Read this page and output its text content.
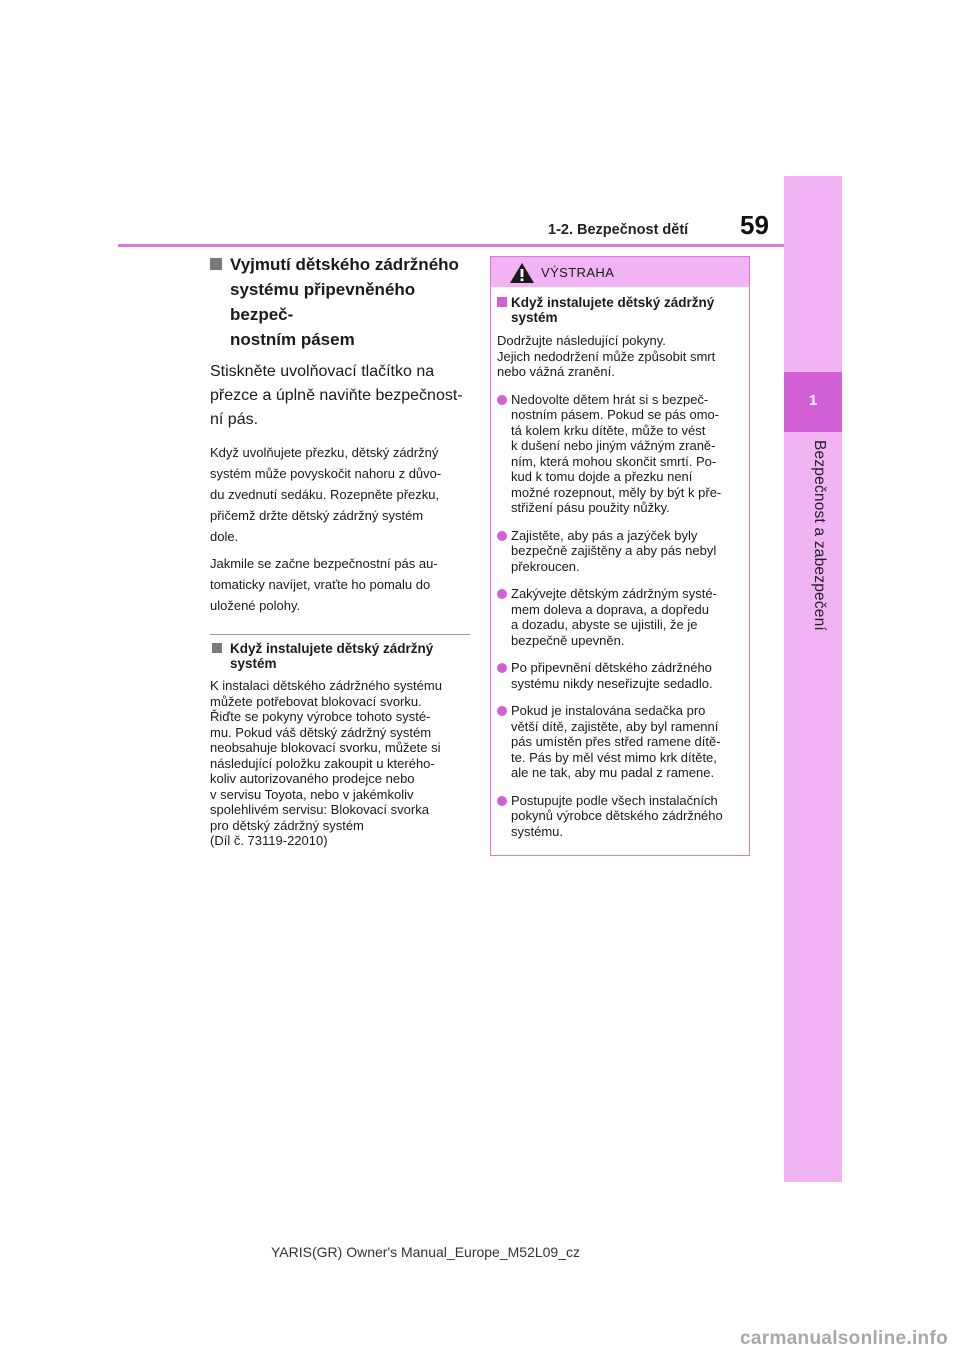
1
Bezpečnost a zabezpečení
59
1-2. Bezpečnost dětí
Vyjmutí dětského zádržného
systému připevněného bezpeč-
nostním pásem
Stiskněte uvolňovací tlačítko na
přezce a úplně naviňte bezpečnost-
ní pás.
Když uvolňujete přezku, dětský zádržný
systém může povyskočit nahoru z důvo-
du zvednutí sedáku. Rozepněte přezku,
přičemž držte dětský zádržný systém
dole.
Jakmile se začne bezpečnostní pás au-
tomaticky navíjet, vraťte ho pomalu do
uložené polohy.
Když instalujete dětský zádržný
systém
K instalaci dětského zádržného systému
můžete potřebovat blokovací svorku.
Řiďte se pokyny výrobce tohoto systé-
mu. Pokud váš dětský zádržný systém
neobsahuje blokovací svorku, můžete si
následující položku zakoupit u kterého-
koliv autorizovaného prodejce nebo
v servisu Toyota, nebo v jakémkoliv
spolehlivém servisu: Blokovací svorka
pro dětský zádržný systém
(Díl č. 73119-22010)
VÝSTRAHA
Když instalujete dětský zádržný
systém
Dodržujte následující pokyny.
Jejich nedodržení může způsobit smrt
nebo vážná zranění.
Nedovolte dětem hrát si s bezpeč-
nostním pásem. Pokud se pás omo-
tá kolem krku dítěte, může to vést
k dušení nebo jiným vážným zraně-
ním, která mohou skončit smrtí. Po-
kud k tomu dojde a přezku není
možné rozepnout, měly by být k pře-
střižení pásu použity nůžky.
Zajistěte, aby pás a jazýček byly
bezpečně zajištěny a aby pás nebyl
překroucen.
Zakývejte dětským zádržným systé-
mem doleva a doprava, a dopředu
a dozadu, abyste se ujistili, že je
bezpečně upevněn.
Po připevnění dětského zádržného
systému nikdy neseřizujte sedadlo.
Pokud je instalována sedačka pro
větší dítě, zajistěte, aby byl ramenní
pás umístěn přes střed ramene dítě-
te. Pás by měl vést mimo krk dítěte,
ale ne tak, aby mu padal z ramene.
Postupujte podle všech instalačních
pokynů výrobce dětského zádržného
systému.
YARIS(GR) Owner's Manual_Europe_M52L09_cz
carmanualsonline.info
